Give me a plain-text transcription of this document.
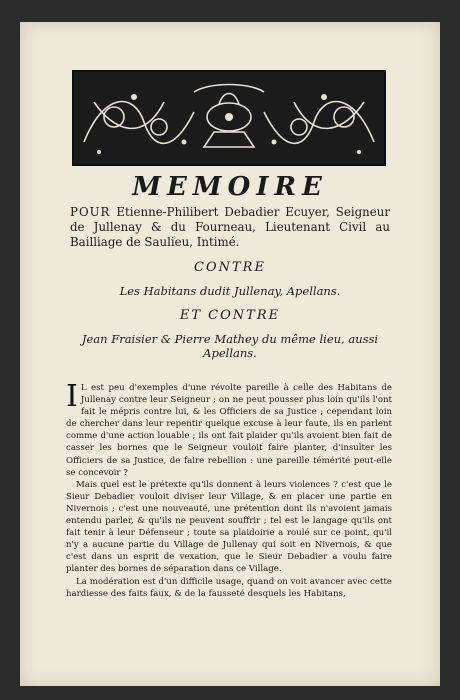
MEMOIRE
POUR Etienne-Philibert Debadier Ecuyer, Seigneur de Jullenay & du Fourneau, Lieutenant Civil au Bailliage de Saulieu, Intimé.
CONTRE
Les Habitans dudit Jullenay, Apellans.
ET CONTRE
Jean Fraisier & Pierre Mathey du même lieu, aussi Apellans.

I L est peu d'exemples d'une révolte pareille à celle des Habitans de Jullenay contre leur Seigneur ; on ne peut pousser plus loin qu'ils l'ont fait le mépris contre lui, & les Officiers de sa Justice ; cependant loin de chercher dans leur repentir quelque excuse à leur faute, ils en parlent comme d'une action louable ; ils ont fait plaider qu'ils avoient bien fait de casser les bornes que le Seigneur vouloit faire planter, d'insulter les Officiers de sa Justice, de faire rebellion : une pareille témérité peut-elle se concevoir ?

Mais quel est le prétexte qu'ils donnent à leurs violences ? c'est que le Sieur Debadier vouloit diviser leur Village, & en placer une partie en Nivernois ; c'est une nouveauté, une prétention dont ils n'avoient jamais entendu parler, & qu'ils ne peuvent souffrir ; tel est le langage qu'ils ont fait tenir à leur Défenseur ; toute sa plaidoirie a roulé sur ce point, qu'il n'y a aucune partie du Village de Jullenay qui soit en Nivernois, & que c'est dans un esprit de vexation, que le Sieur Debadier a voulu faire planter des bornes de séparation dans ce Village.

La modération est d'un difficile usage, quand on voit avancer avec cette hardiesse des faits faux, & de la fausseté desquels les Habitans,
